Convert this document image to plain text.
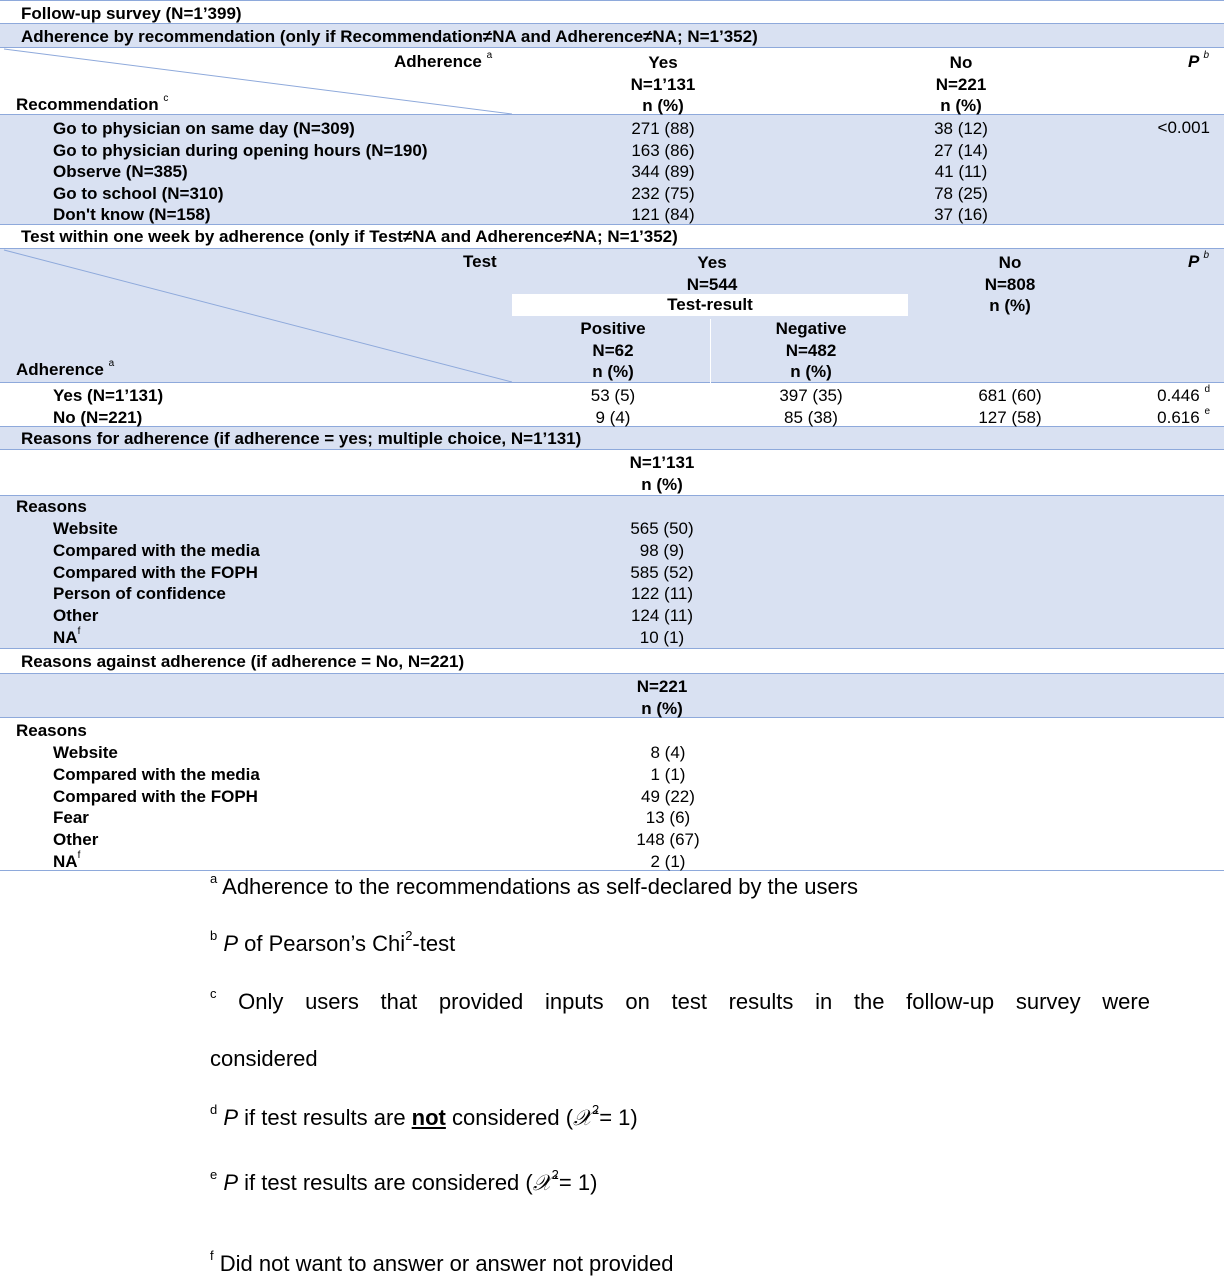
Follow-up survey (N=1’399)
Adherence by recommendation (only if Recommendation≠NA and Adherence≠NA; N=1’352)
Adherence $^a$
Recommendation $^c$
Yes
N=1’131
n (%)
No
N=221
n (%)
P $^b$
Go to physician on same day (N=309)
Go to physician during opening hours (N=190)
Observe (N=385)
Go to school (N=310)
Don't know (N=158)
271 (88)
163 (86)
344 (89)
232 (75)
121 (84)
38 (12)
27 (14)
41 (11)
78 (25)
37 (16)
<0.001
Test within one week by adherence (only if Test≠NA and Adherence≠NA; N=1’352)
Test
Adherence $^a$
Yes
N=544
Test-result
Positive
N=62
n (%)
Negative
N=482
n (%)
No
N=808
n (%)
P $^b$
Yes (N=1’131)
No (N=221)
53 (5)
9 (4)
397 (35)
85 (38)
681 (60)
127 (58)
0.446 $^d$
0.616 $^e$
Reasons for adherence (if adherence = yes; multiple choice, N=1’131)
N=1’131
n (%)
Reasons
Website
Compared with the media
Compared with the FOPH
Person of confidence
Other
$NA^f$
565 (50)
98 (9)
585 (52)
122 (11)
124 (11)
10 (1)
Reasons against adherence (if adherence = No, N=221)
N=221
n (%)
Reasons
Website
Compared with the media
Compared with the FOPH
Fear
Other
$NA^f$
8 (4)
1 (1)
49 (22)
13 (6)
148 (67)
2 (1)
$^a$ Adherence to the recommendations as self-declared by the users
$^b$ P of Pearson’s Chi$^2$-test
$^c$ Only users that provided inputs on test results in the follow-up survey were
considered
$^d$ P if test results are not considered (𝒳$^2$= 1)
$^e$ P if test results are considered (𝒳$^2$= 1)
$^f$ Did not want to answer or answer not provided
